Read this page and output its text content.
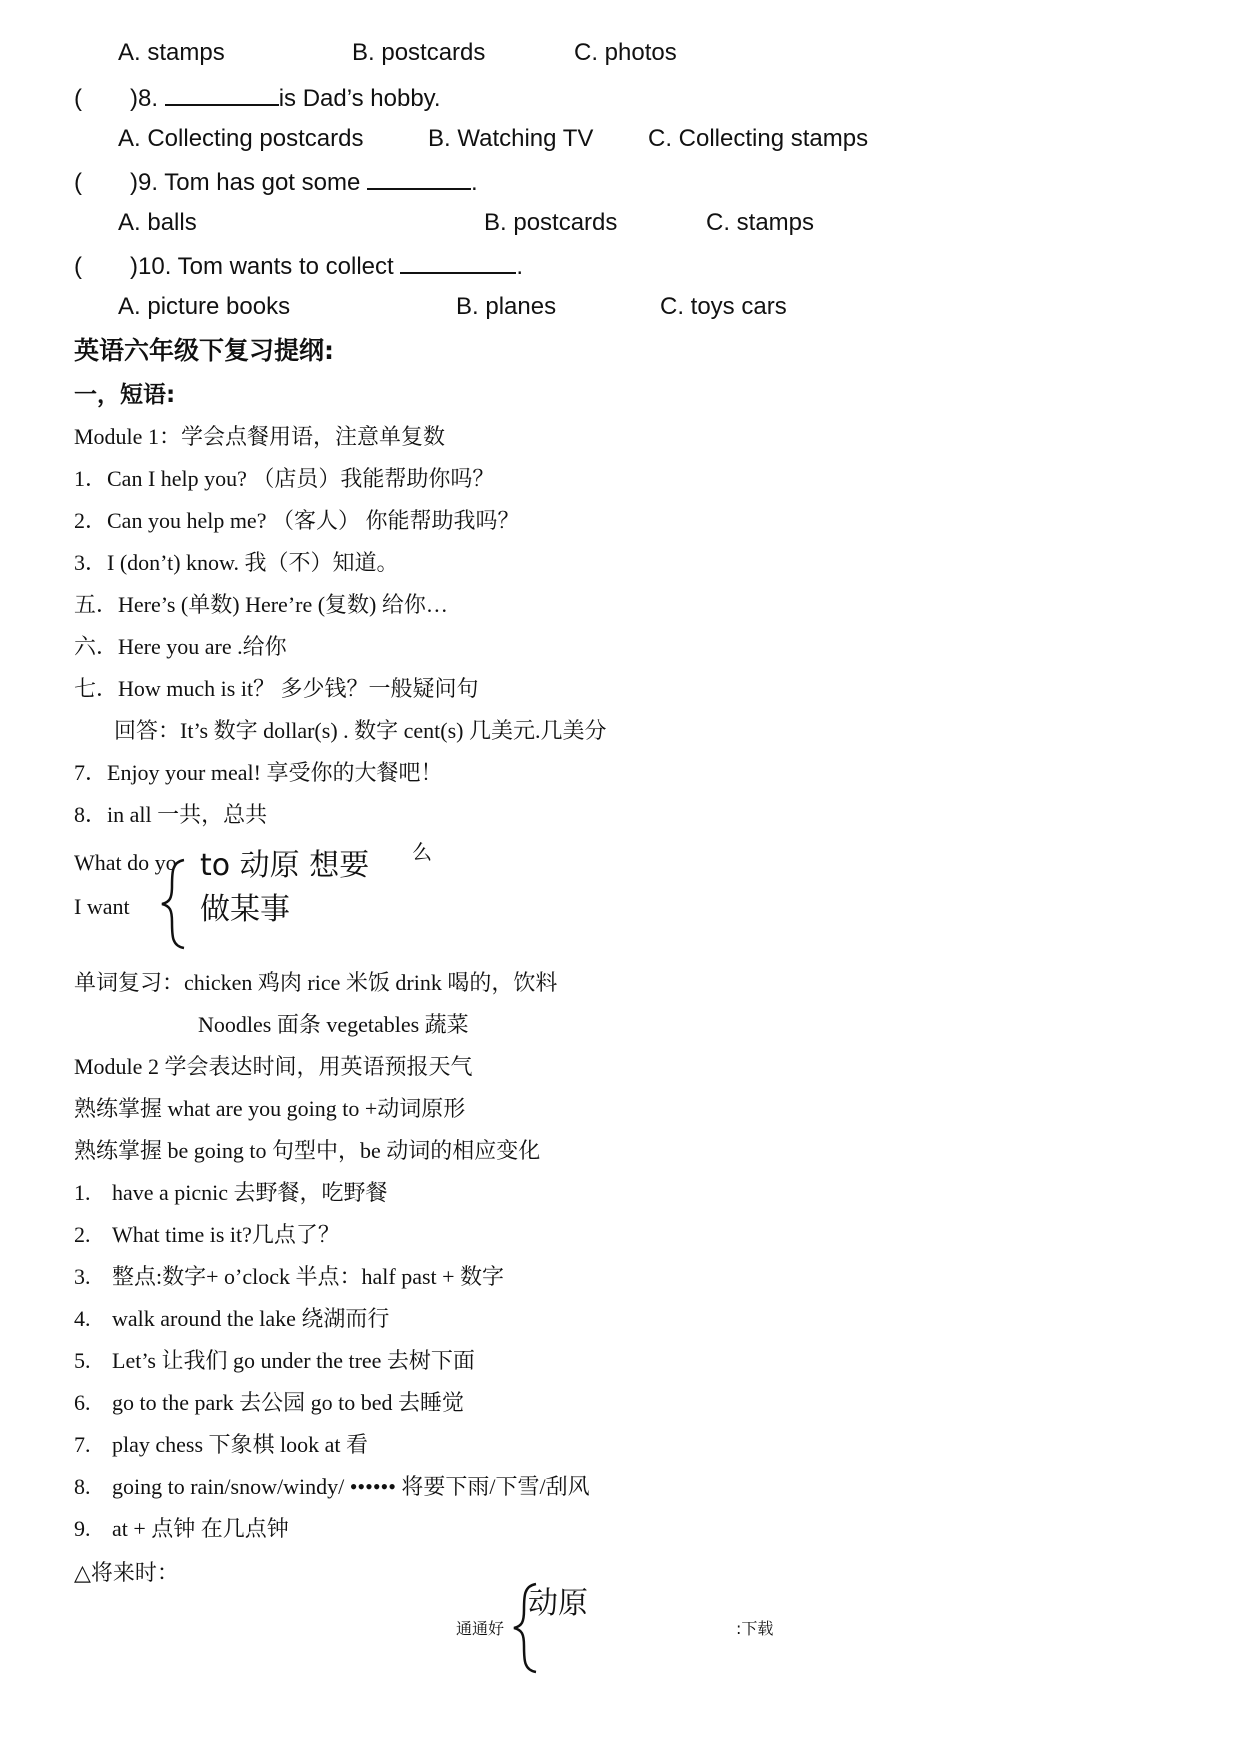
A. stamps	B. postcards	C. photos
( )8.	is Dad’s hobby.
A. Collecting postcards	B. Watching TV C. Collecting stamps
( )9. Tom has got some	.
A. balls	B. postcards	C. stamps
( )10. Tom wants to collect	.
A. picture books	B. planes	C. toys cars
英语六年级下复习提纲:
一，短语:
Module 1：学会点餐用语，注意单复数
1．Can I help you? （店员）我能帮助你吗？
2．Can you help me? （客人） 你能帮助我吗？
3．I (don’t) know. 我（不）知道。
五．Here’s (单数) Here’re (复数) 给你…
六．Here you are .给你
七．How much is it？ 多少钱？一般疑问句
回答：It’s 数字 dollar(s) . 数字 cent(s) 几美元.几美分
7．Enjoy your meal! 享受你的大餐吧！
8．in all 一共，总共
What do yo	么
I want
to 动原 想要
做某事
单词复习：chicken 鸡肉 rice 米饭 drink 喝的，饮料
Noodles 面条 vegetables 蔬菜
Module 2 学会表达时间，用英语预报天气
熟练掌握 what are you going to +动词原形
熟练掌握 be going to 句型中，be 动词的相应变化
1. have a picnic 去野餐，吃野餐
2. What time is it?几点了？
3. 整点:数字+ o’clock 半点：half past + 数字
4. walk around the lake 绕湖而行
5. Let’s 让我们 go under the tree 去树下面
6. go to the park 去公园 go to bed 去睡觉
7. play chess 下象棋 look at 看
8. going to rain/snow/windy/ •••••• 将要下雨/下雪/刮风
9. at + 点钟 在几点钟
△将来时：
动原
通通好	:下载
